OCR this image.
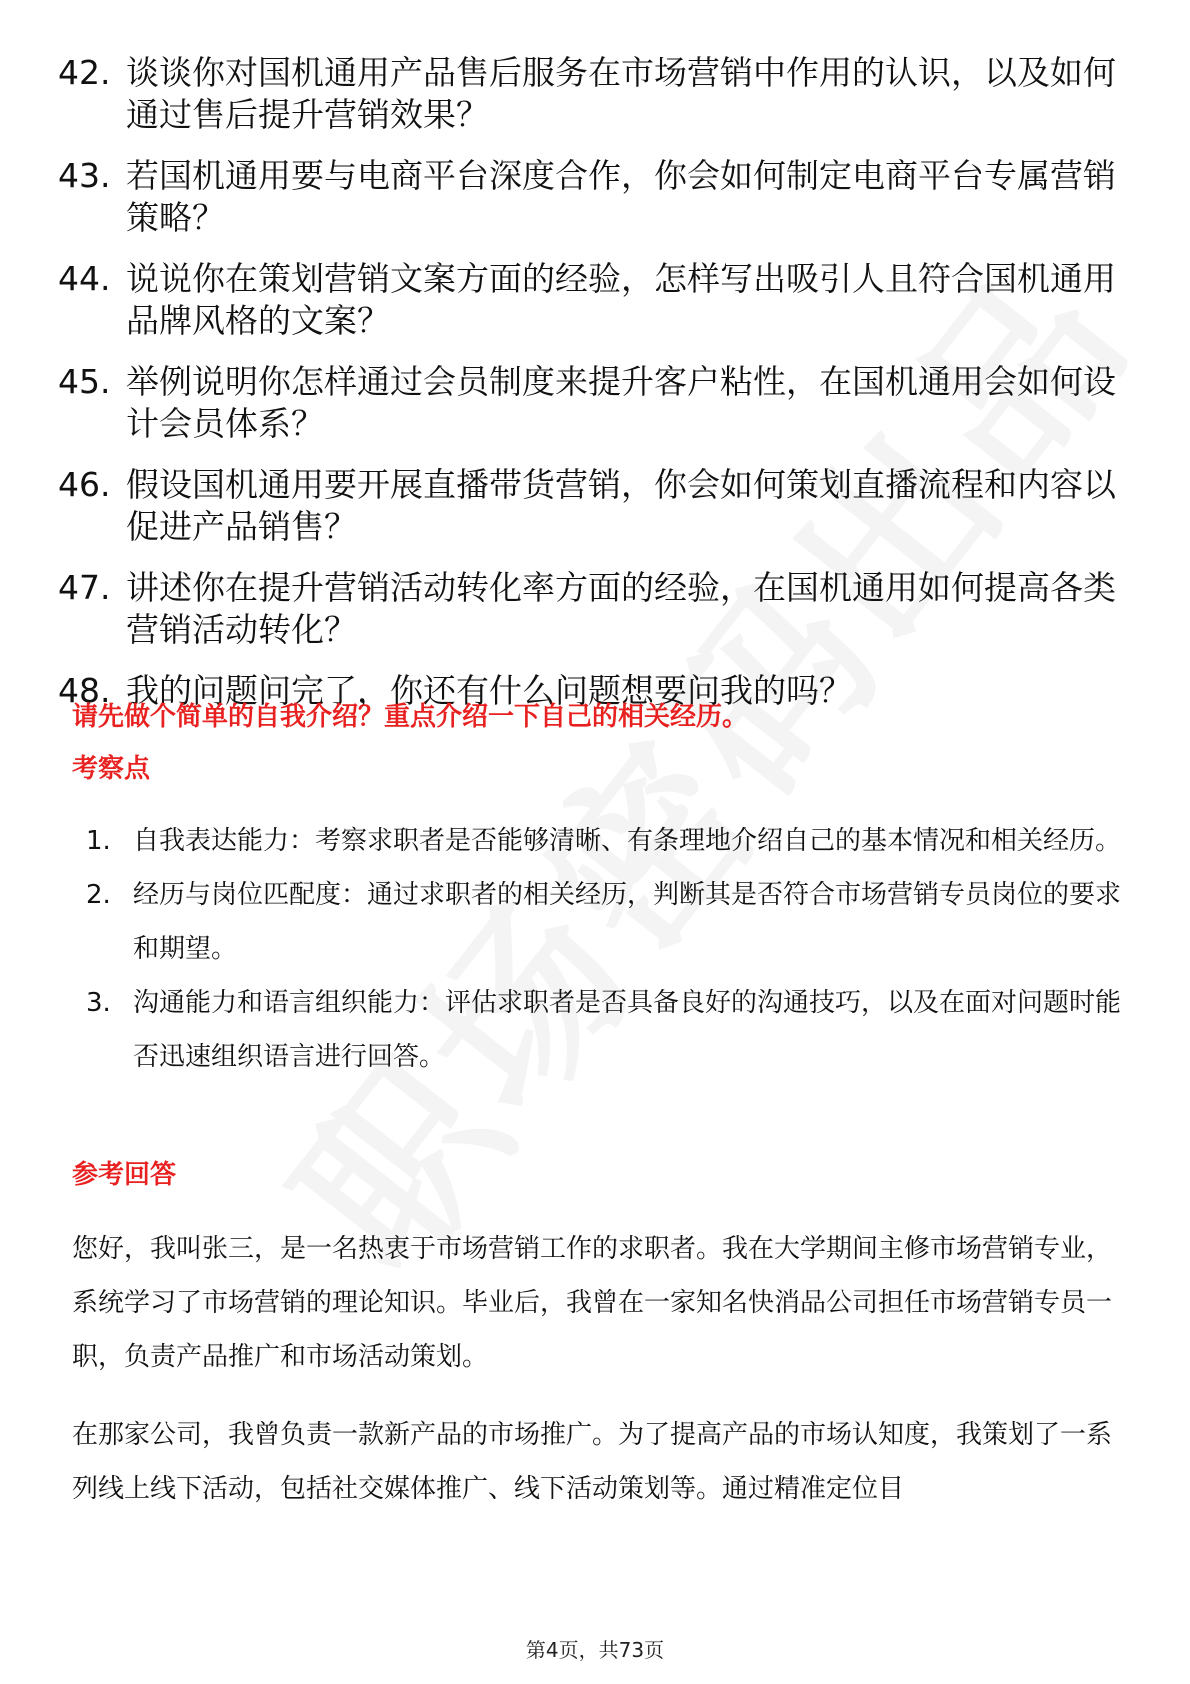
42. 谈谈你对国机通用产品售后服务在市场营销中作用的认识，以及如何通过售后提升营销效果？
43. 若国机通用要与电商平台深度合作，你会如何制定电商平台专属营销策略？
44. 说说你在策划营销文案方面的经验，怎样写出吸引人且符合国机通用品牌风格的文案？
45. 举例说明你怎样通过会员制度来提升客户粘性，在国机通用会如何设计会员体系？
46. 假设国机通用要开展直播带货营销，你会如何策划直播流程和内容以促进产品销售？
47. 讲述你在提升营销活动转化率方面的经验，在国机通用如何提高各类营销活动转化？
48. 我的问题问完了，你还有什么问题想要问我的吗？
请先做个简单的自我介绍？重点介绍一下自己的相关经历。
考察点
1. 自我表达能力：考察求职者是否能够清晰、有条理地介绍自己的基本情况和相关经历。
2. 经历与岗位匹配度：通过求职者的相关经历，判断其是否符合市场营销专员岗位的要求和期望。
3. 沟通能力和语言组织能力：评估求职者是否具备良好的沟通技巧，以及在面对问题时能否迅速组织语言进行回答。
参考回答

您好，我叫张三，是一名热衷于市场营销工作的求职者。我在大学期间主修市场营销专业，系统学习了市场营销的理论知识。毕业后，我曾在一家知名快消品公司担任市场营销专员一职，负责产品推广和市场活动策划。

在那家公司，我曾负责一款新产品的市场推广。为了提高产品的市场认知度，我策划了一系列线上线下活动，包括社交媒体推广、线下活动策划等。通过精准定位目

第4页，共73页
